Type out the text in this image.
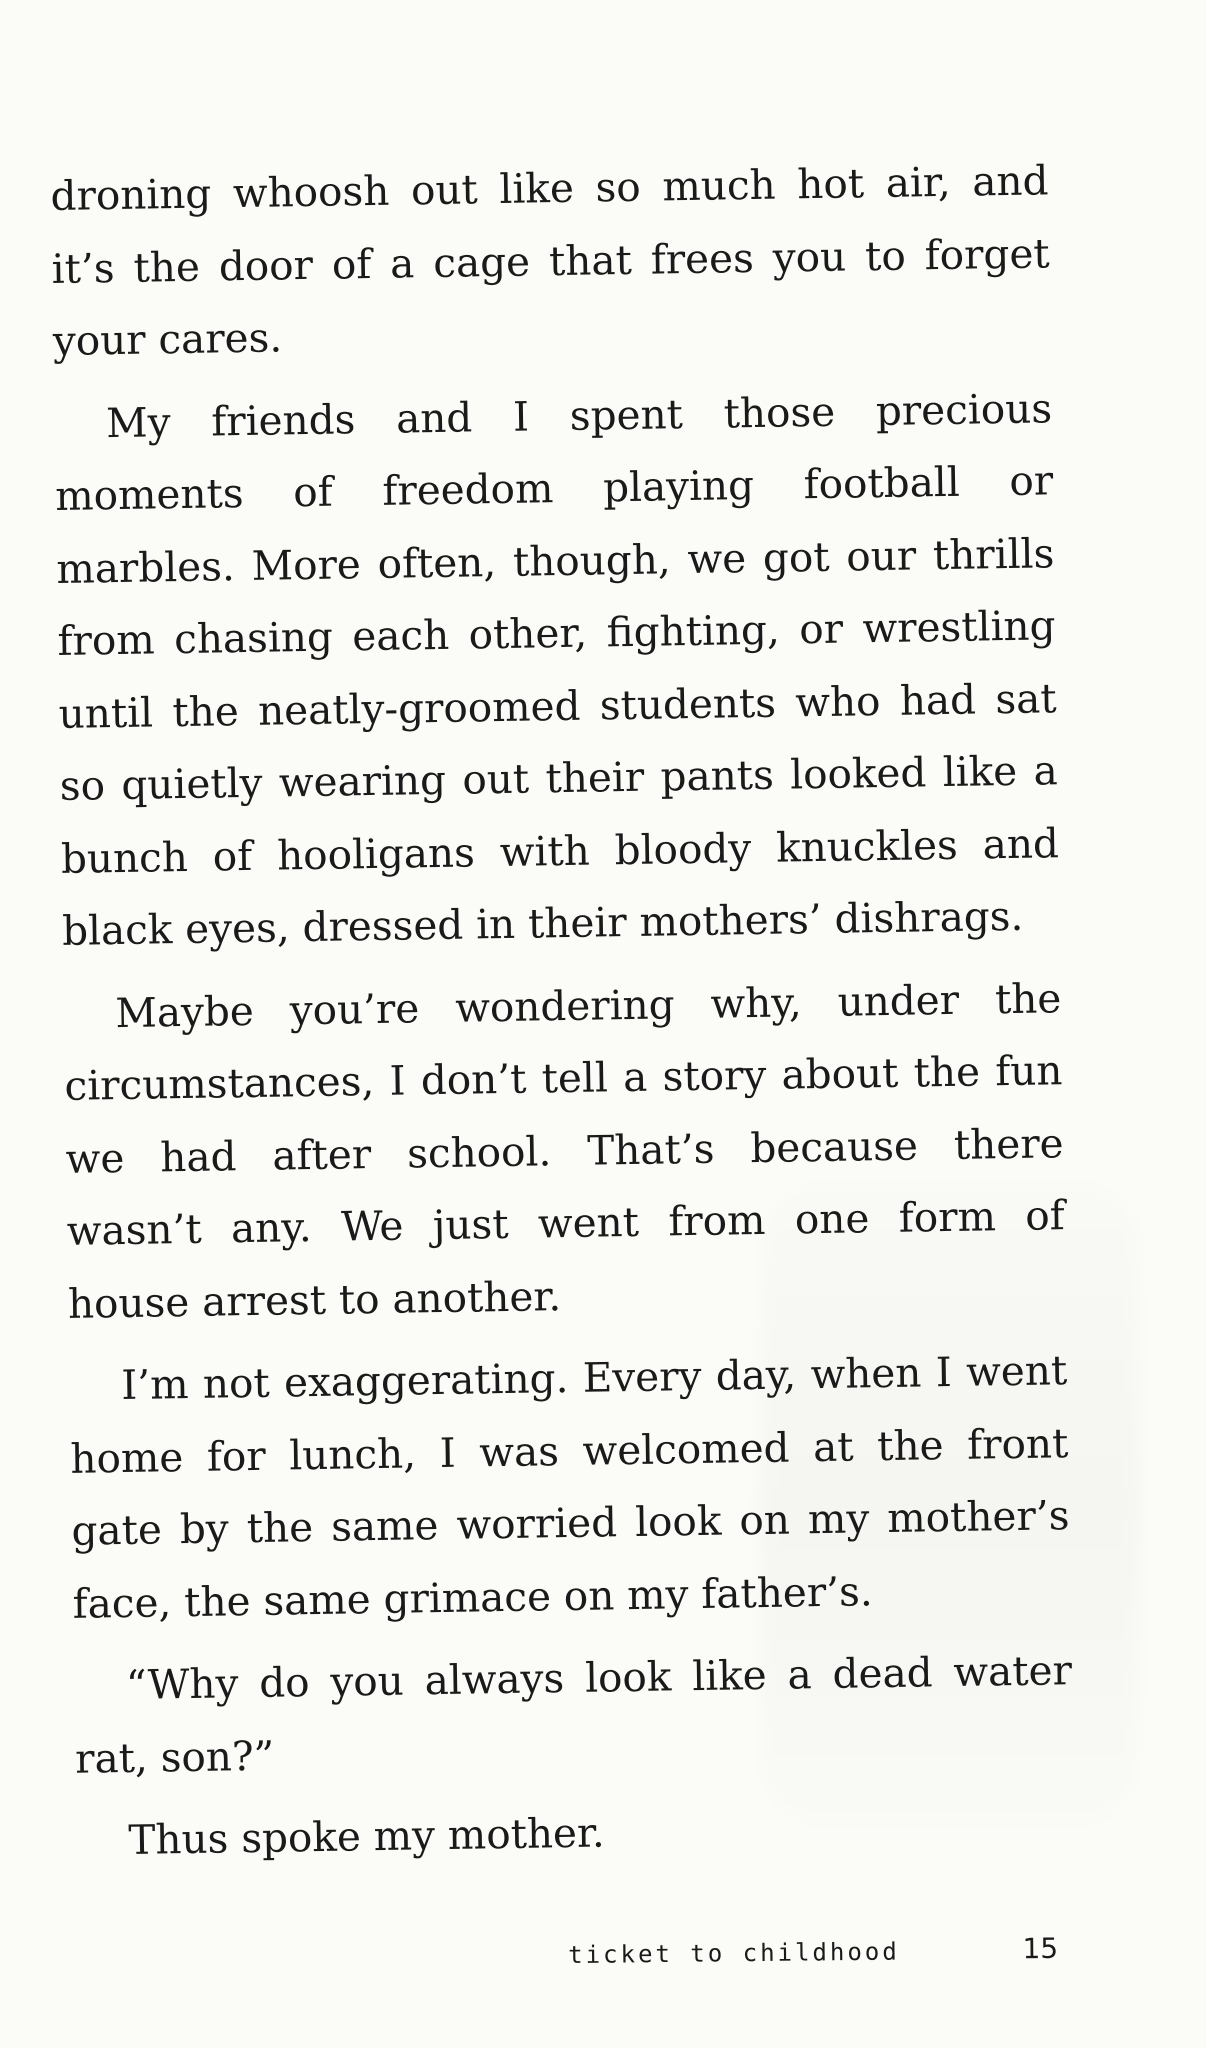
droning whoosh out like so much hot air, and it’s the door of a cage that frees you to forget your cares.

My friends and I spent those precious moments of freedom playing football or marbles. More often, though, we got our thrills from chasing each other, fighting, or wrestling until the neatly-groomed students who had sat so quietly wearing out their pants looked like a bunch of hooligans with bloody knuckles and black eyes, dressed in their mothers’ dishrags.

Maybe you’re wondering why, under the circumstances, I don’t tell a story about the fun we had after school. That’s because there wasn’t any. We just went from one form of house arrest to another.

I’m not exaggerating. Every day, when I went home for lunch, I was welcomed at the front gate by the same worried look on my mother’s face, the same grimace on my father’s.

“Why do you always look like a dead water rat, son?”

Thus spoke my mother.

ticket to childhood	15
